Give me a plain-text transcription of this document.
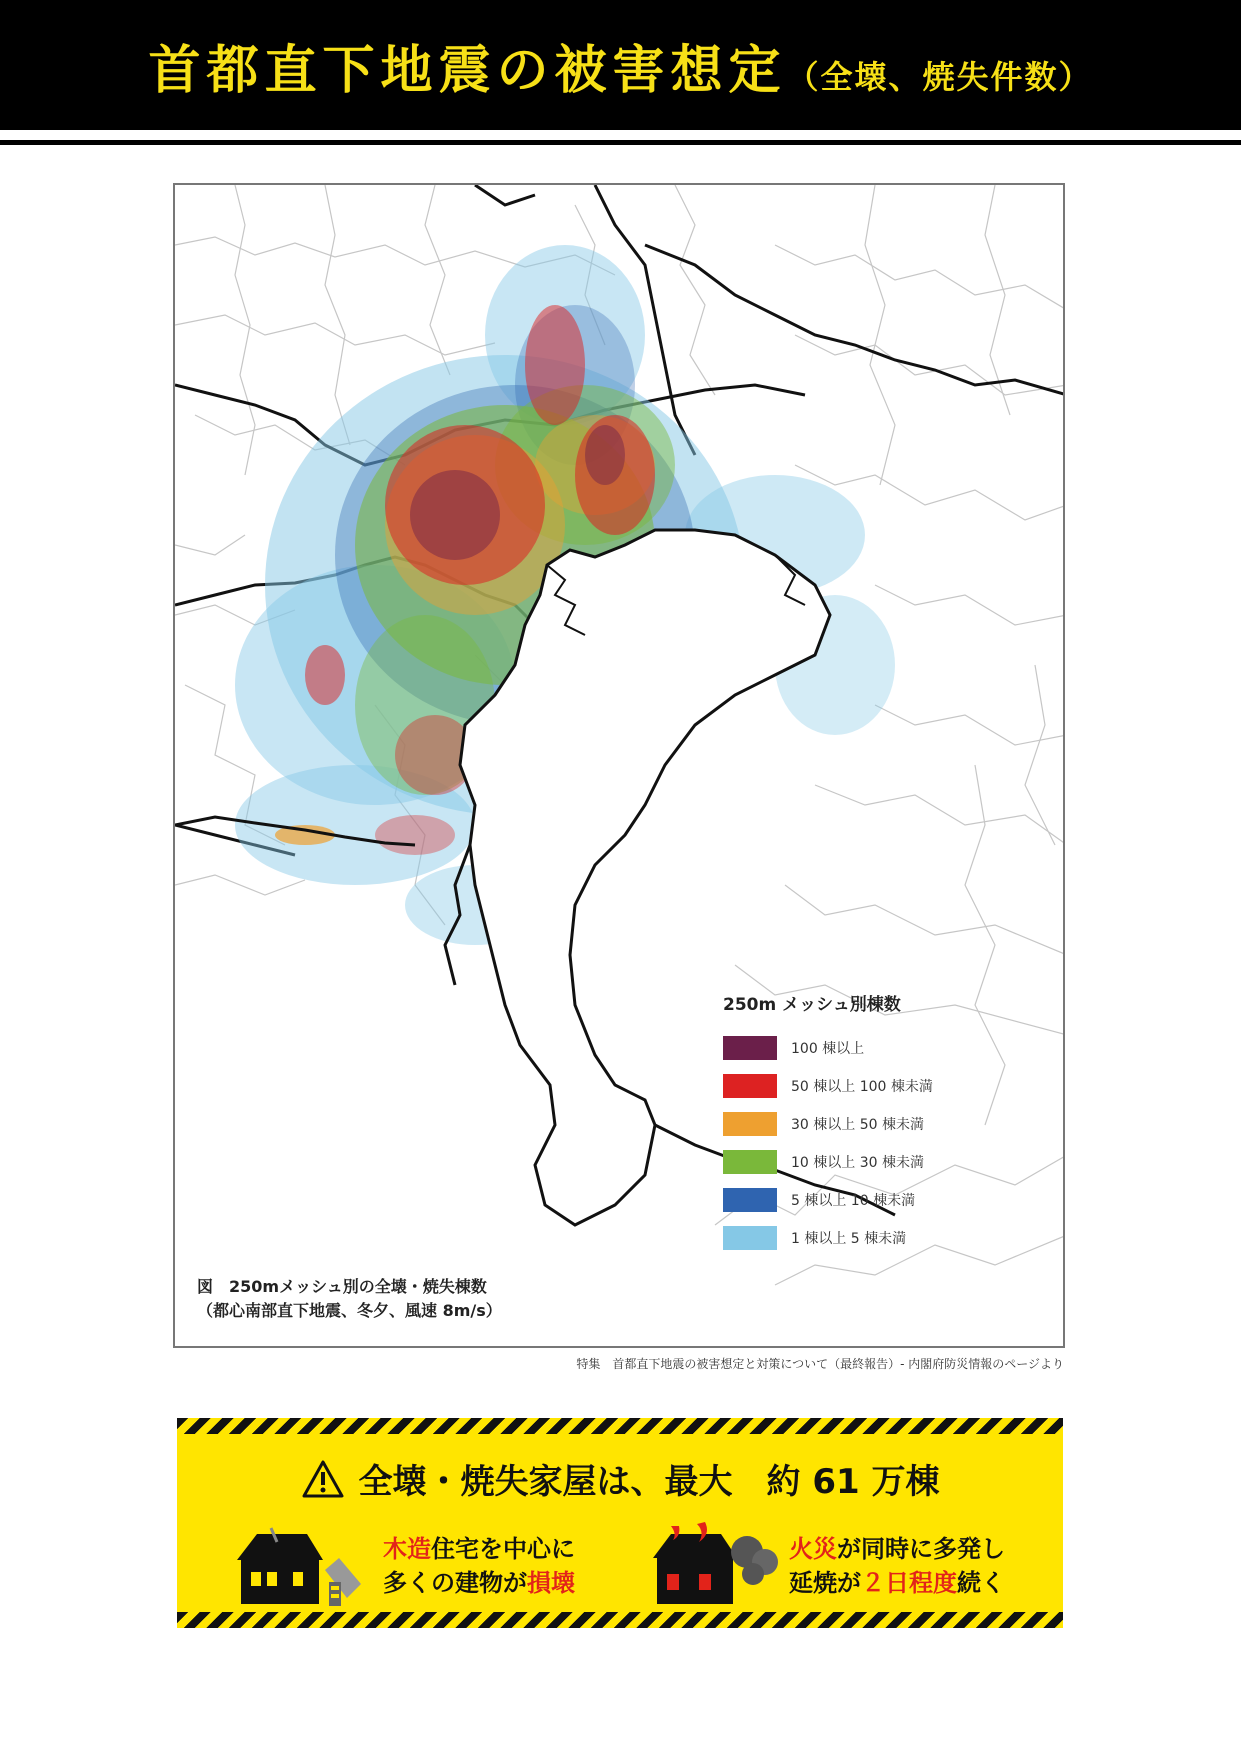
首都直下地震の被害想定（全壊、焼失件数）
250m メッシュ別棟数
100 棟以上
50 棟以上 100 棟未満
30 棟以上 50 棟未満
10 棟以上 30 棟未満
5 棟以上 10 棟未満
1 棟以上 5 棟未満
図　250mメッシュ別の全壊・焼失棟数
（都心南部直下地震、冬夕、風速 8m/s）
特集　首都直下地震の被害想定と対策について（最終報告）- 内閣府防災情報のページより
全壊・焼失家屋は、最大　約 61 万棟
木造住宅を中心に
多くの建物が損壊
火災が同時に多発し
延焼が２日程度続く
